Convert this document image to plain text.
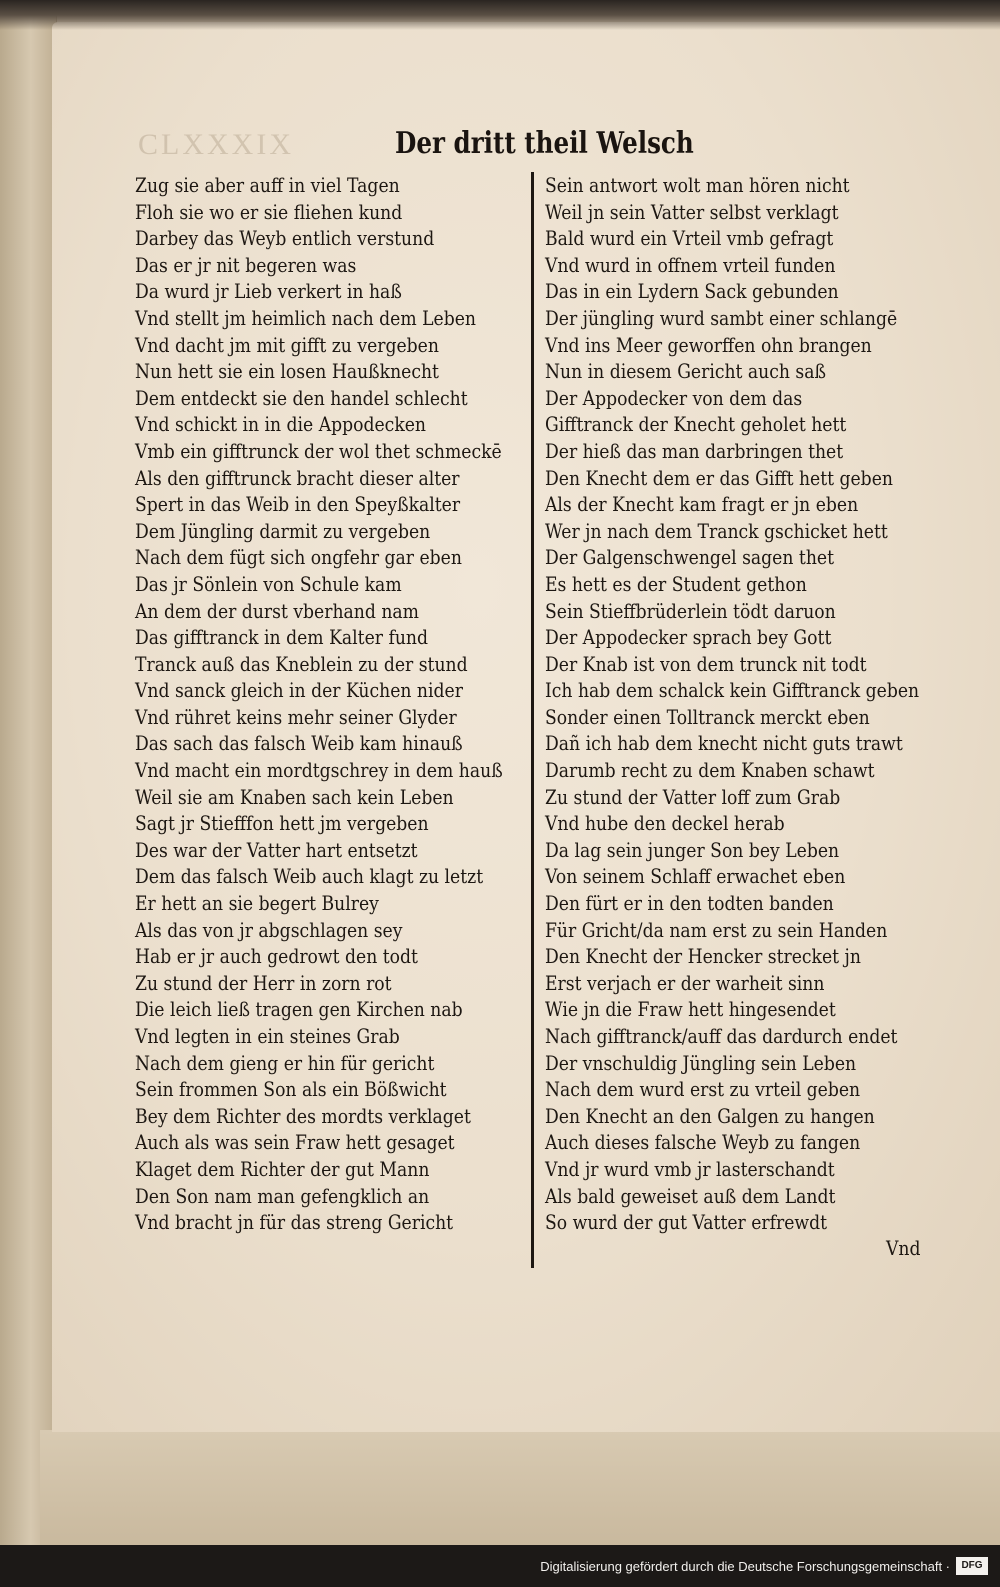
CLXXXIX	Der dritt theil Welsch
Zug sie aber auff in viel Tagen
Floh sie wo er sie fliehen kund
Darbey das Weyb entlich verstund
Das er jr nit begeren was
Da wurd jr Lieb verkert in haß
Vnd stellt jm heimlich nach dem Leben
Vnd dacht jm mit gifft zu vergeben
Nun hett sie ein losen Haußknecht
Dem entdeckt sie den handel schlecht
Vnd schickt in in die Appodecken
Vmb ein gifftrunck der wol thet schmeckē
Als den gifftrunck bracht dieser alter
Spert in das Weib in den Speyßkalter
Dem Jüngling darmit zu vergeben
Nach dem fügt sich ongfehr gar eben
Das jr Sönlein von Schule kam
An dem der durst vberhand nam
Das gifftranck in dem Kalter fund
Tranck auß das Kneblein zu der stund
Vnd sanck gleich in der Küchen nider
Vnd rühret keins mehr seiner Glyder
Das sach das falsch Weib kam hinauß
Vnd macht ein mordtgschrey in dem hauß
Weil sie am Knaben sach kein Leben
Sagt jr Stiefffon hett jm vergeben
Des war der Vatter hart entsetzt
Dem das falsch Weib auch klagt zu letzt
Er hett an sie begert Bulrey
Als das von jr abgschlagen sey
Hab er jr auch gedrowt den todt
Zu stund der Herr in zorn rot
Die leich ließ tragen gen Kirchen nab
Vnd legten in ein steines Grab
Nach dem gieng er hin für gericht
Sein frommen Son als ein Bößwicht
Bey dem Richter des mordts verklaget
Auch als was sein Fraw hett gesaget
Klaget dem Richter der gut Mann
Den Son nam man gefengklich an
Vnd bracht jn für das streng Gericht
Sein antwort wolt man hören nicht
Weil jn sein Vatter selbst verklagt
Bald wurd ein Vrteil vmb gefragt
Vnd wurd in offnem vrteil funden
Das in ein Lydern Sack gebunden
Der jüngling wurd sambt einer schlangē
Vnd ins Meer geworffen ohn brangen
Nun in diesem Gericht auch saß
Der Appodecker von dem das
Gifftranck der Knecht geholet hett
Der hieß das man darbringen thet
Den Knecht dem er das Gifft hett geben
Als der Knecht kam fragt er jn eben
Wer jn nach dem Tranck gschicket hett
Der Galgenschwengel sagen thet
Es hett es der Student gethon
Sein Stieffbrüderlein tödt daruon
Der Appodecker sprach bey Gott
Der Knab ist von dem trunck nit todt
Ich hab dem schalck kein Gifftranck geben
Sonder einen Tolltranck merckt eben
Dañ ich hab dem knecht nicht guts trawt
Darumb recht zu dem Knaben schawt
Zu stund der Vatter loff zum Grab
Vnd hube den deckel herab
Da lag sein junger Son bey Leben
Von seinem Schlaff erwachet eben
Den fürt er in den todten banden
Für Gricht/da nam erst zu sein Handen
Den Knecht der Hencker strecket jn
Erst verjach er der warheit sinn
Wie jn die Fraw hett hingesendet
Nach gifftranck/auff das dardurch endet
Der vnschuldig Jüngling sein Leben
Nach dem wurd erst zu vrteil geben
Den Knecht an den Galgen zu hangen
Auch dieses falsche Weyb zu fangen
Vnd jr wurd vmb jr lasterschandt
Als bald geweiset auß dem Landt
So wurd der gut Vatter erfrewdt
Vnd
Digitalisierung gefördert durch die Deutsche Forschungsgemeinschaft ·	DFG
